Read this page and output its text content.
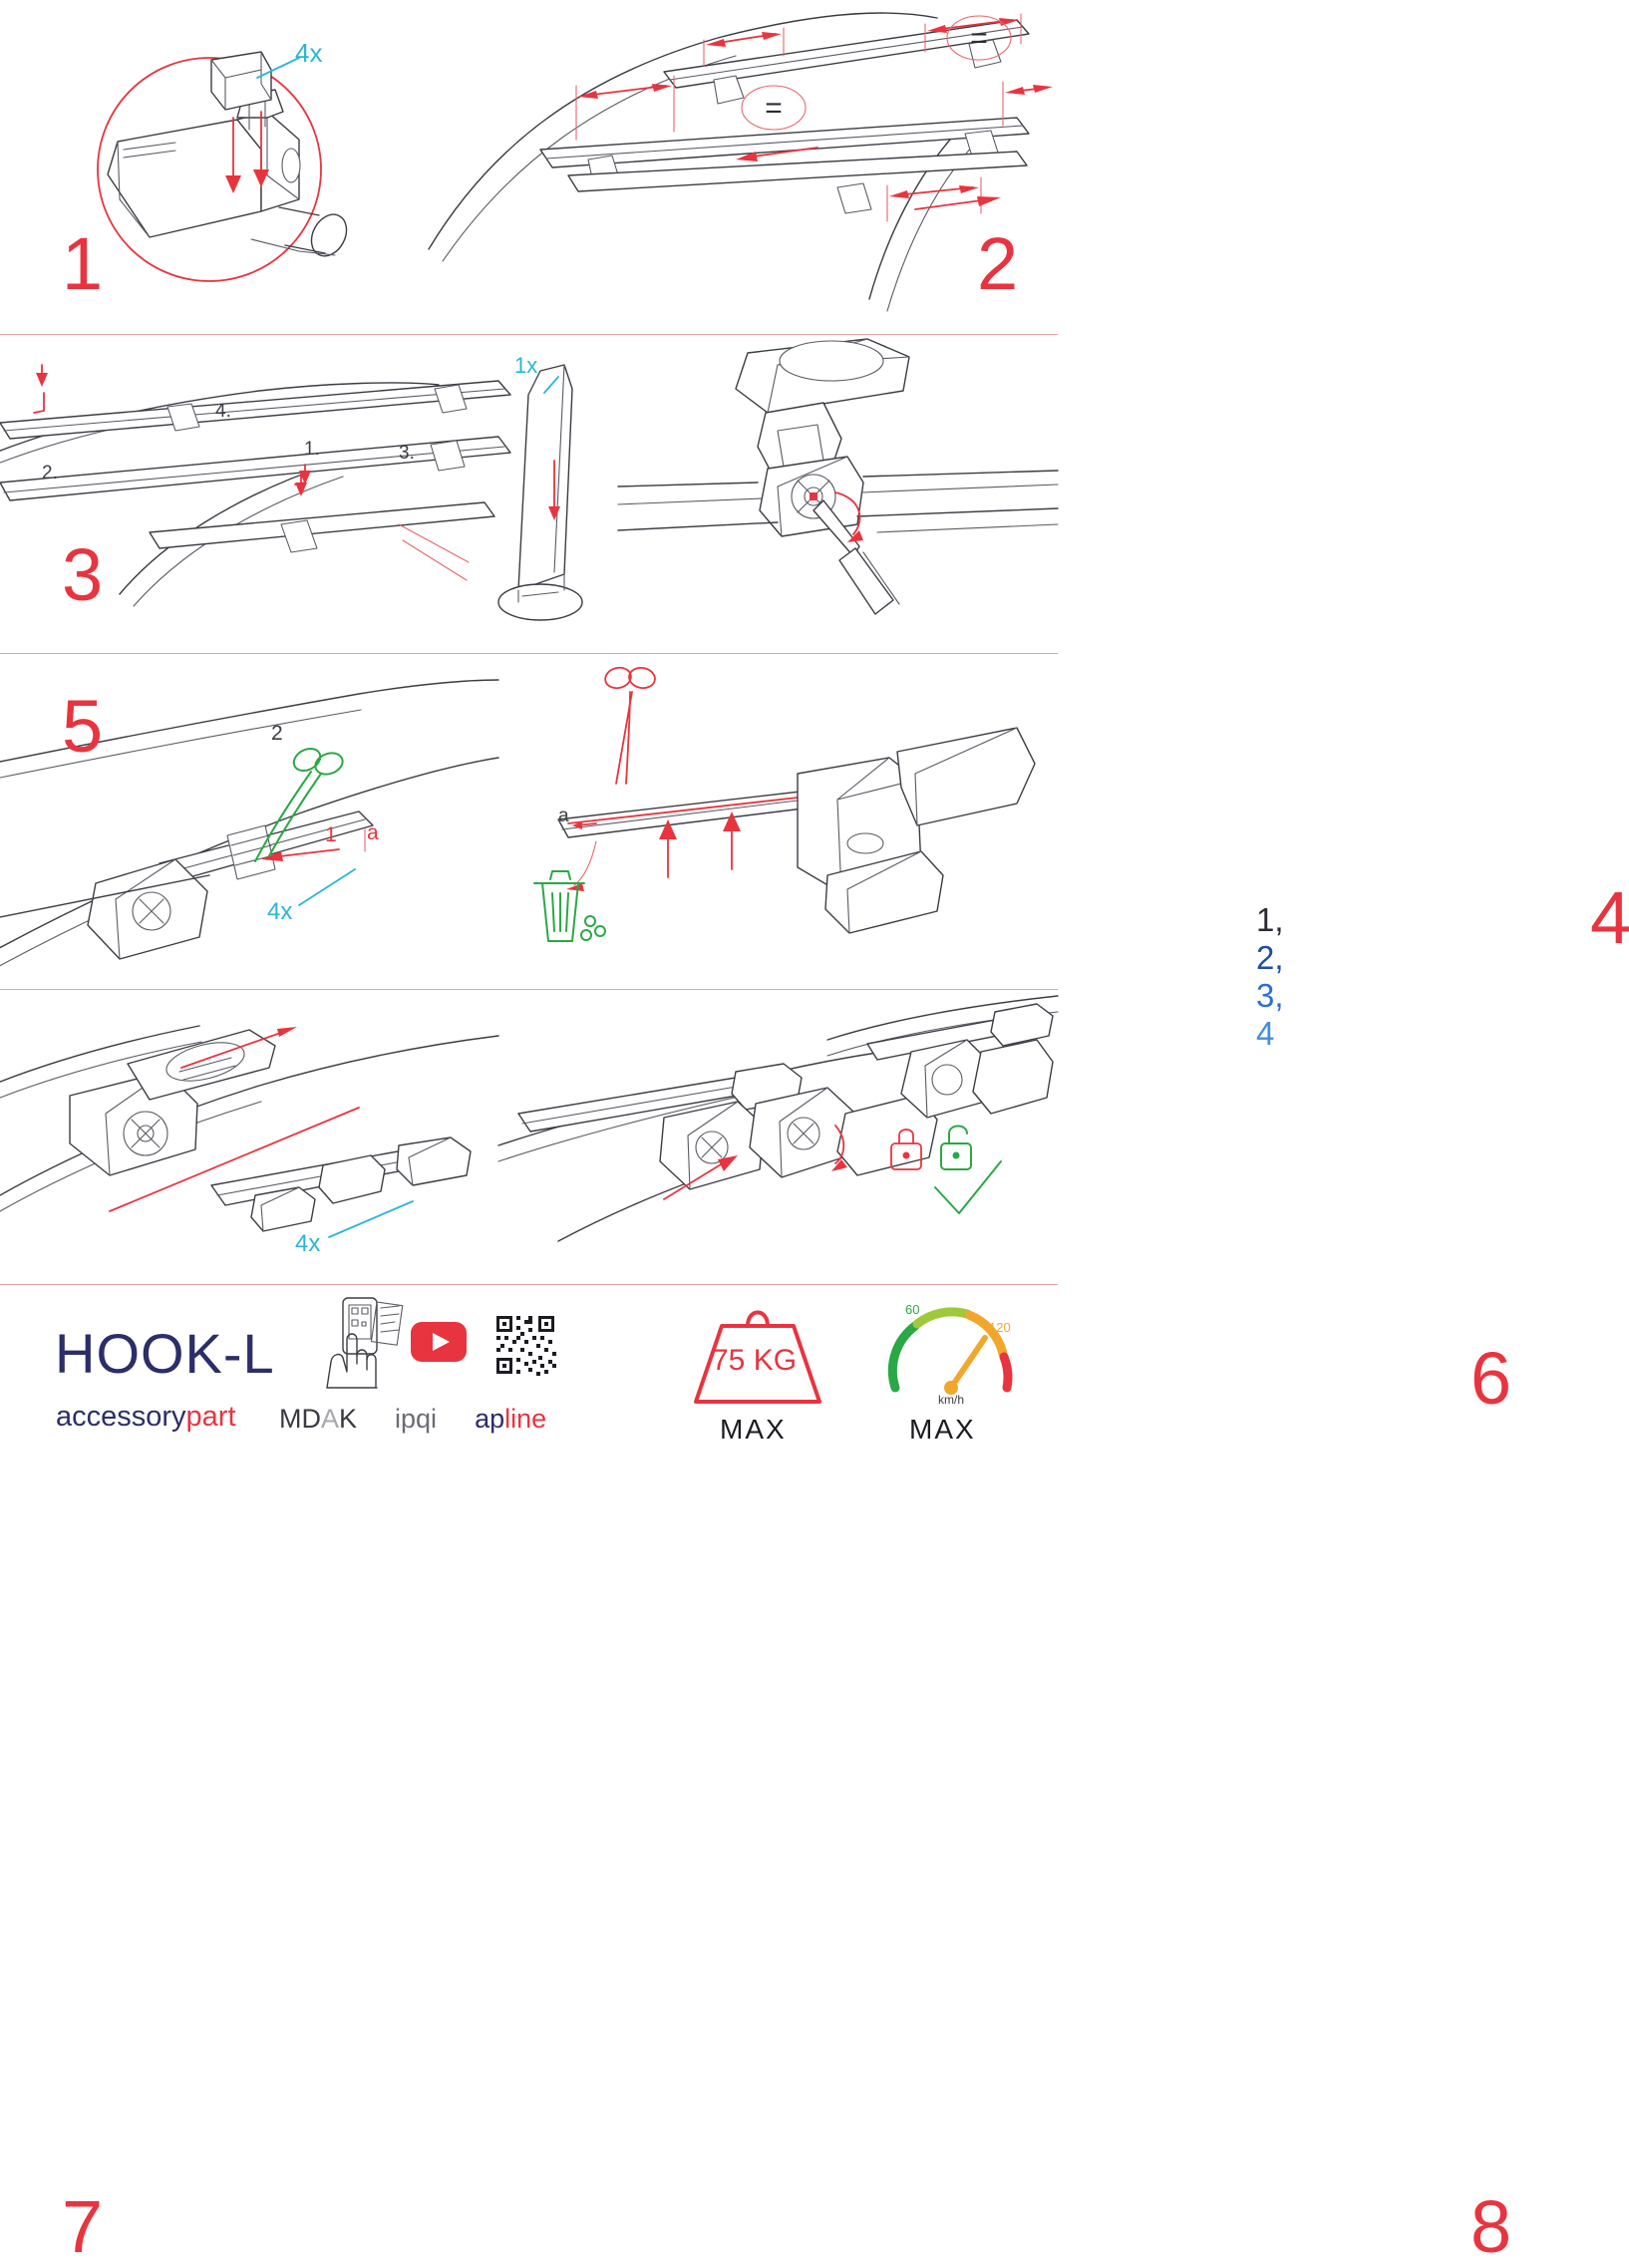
4x
1
=
=
2
1x
4.
1.	3.
2.
3
1, 2, 3, 4
4
2
1 a
4x
5
a
6
4x
7	8
HOOK-L
accessorypart MDAK ipqi apline
75 KG
MAX
60
120
km/h
MAX
